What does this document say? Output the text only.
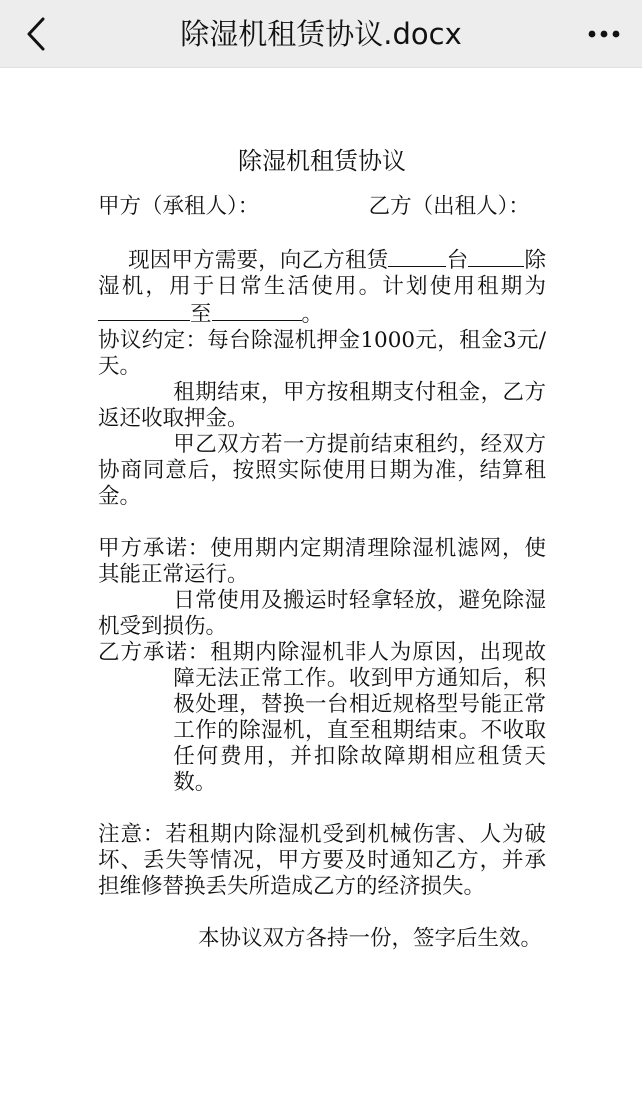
除湿机租赁协议.docx
除湿机租赁协议

甲方（承租人）：                乙方（出租人）：

现因甲方需要，向乙方租赁	台	除湿机，用于日常生活使用。计划使用租期为至	。

协议约定：每台除湿机押金1000元，租金3元/天。

租期结束，甲方按租期支付租金，乙方返还收取押金。

甲乙双方若一方提前结束租约，经双方协商同意后，按照实际使用日期为准，结算租金。

甲方承诺：使用期内定期清理除湿机滤网，使其能正常运行。

日常使用及搬运时轻拿轻放，避免除湿机受到损伤。

乙方承诺：租期内除湿机非人为原因，出现故障无法正常工作。收到甲方通知后，积极处理，替换一台相近规格型号能正常工作的除湿机，直至租期结束。不收取任何费用，并扣除故障期相应租赁天数。

注意：若租期内除湿机受到机械伤害、人为破坏、丢失等情况，甲方要及时通知乙方，并承担维修替换丢失所造成乙方的经济损失。

本协议双方各持一份，签字后生效。
